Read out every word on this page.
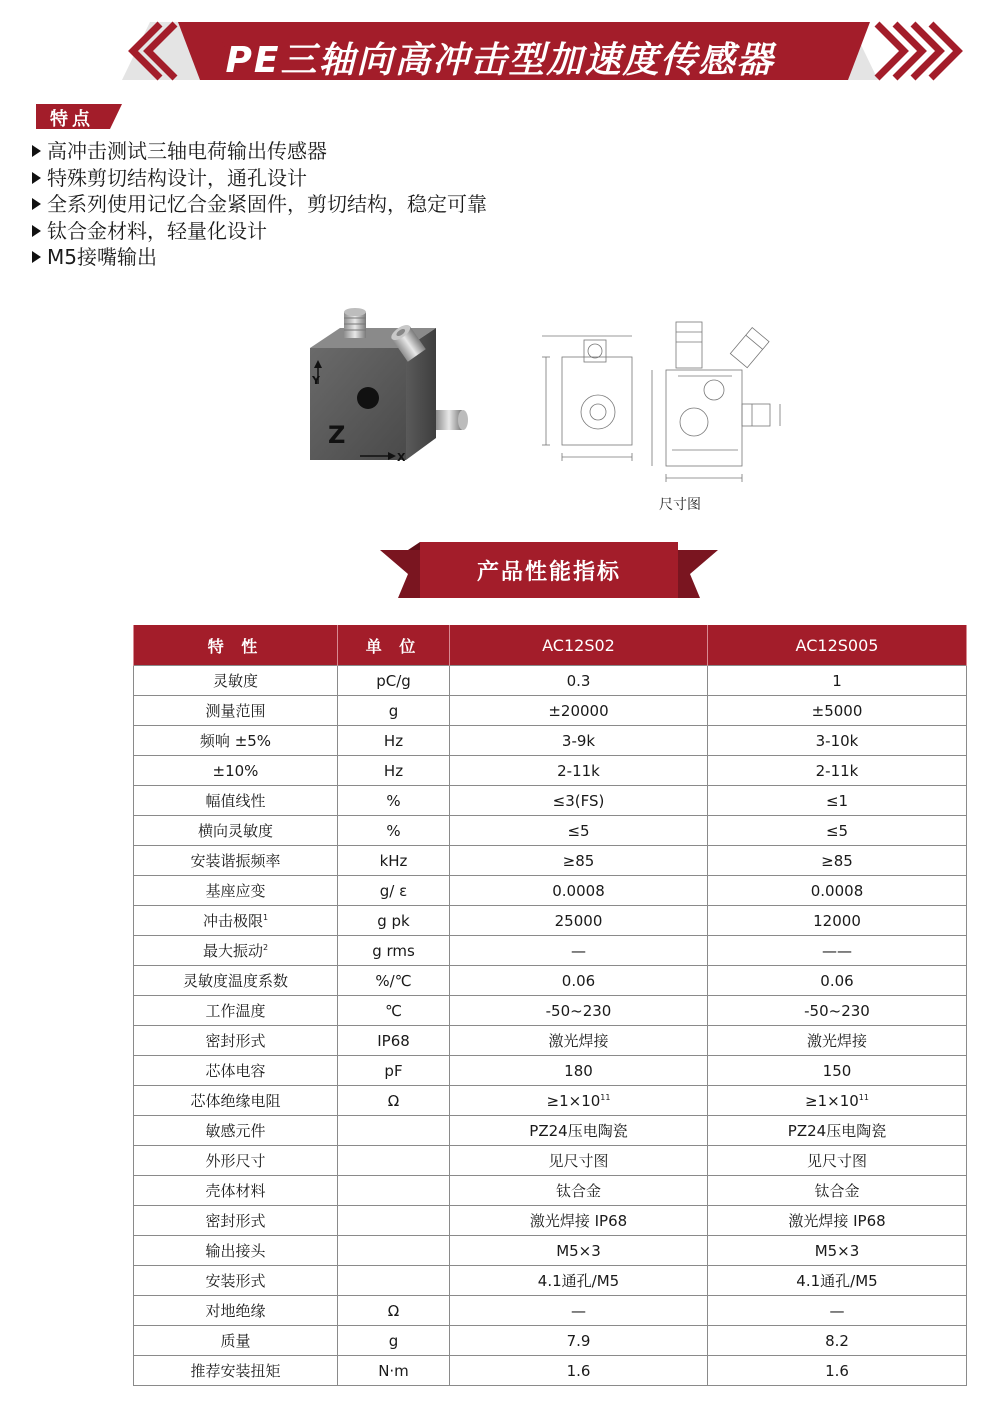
PE三轴向高冲击型加速度传感器
特点
高冲击测试三轴电荷输出传感器
特殊剪切结构设计，通孔设计
全系列使用记忆合金紧固件，剪切结构，稳定可靠
钛合金材料，轻量化设计
M5接嘴输出
Y
Z
X
尺寸图
产品性能指标
特 性	单 位	AC12S02	AC12S005
灵敏度	pC/g	0.3	1
测量范围	g	±20000	±5000
频响 ±5%	Hz	3-9k	3-10k
±10%	Hz	2-11k	2-11k
幅值线性	%	≤3(FS)	≤1
横向灵敏度	%	≤5	≤5
安装谐振频率	kHz	≥85	≥85
基座应变	g/ ε	0.0008	0.0008
冲击极限$^1$	g pk	25000	12000
最大振动$^2$	g rms	—	——
灵敏度温度系数	%/℃	0.06	0.06
工作温度	℃	-50~230	-50~230
密封形式	IP68	激光焊接	激光焊接
芯体电容	pF	180	150
芯体绝缘电阻	Ω	$\ge 1\times 10^{11}$	$\ge 1\times 10^{11}$
敏感元件		PZ24压电陶瓷	PZ24压电陶瓷
外形尺寸		见尺寸图	见尺寸图
壳体材料		钛合金	钛合金
密封形式		激光焊接 IP68	激光焊接 IP68
输出接头		M5×3	M5×3
安装形式		4.1通孔/M5	4.1通孔/M5
对地绝缘	Ω	—	—
质量	g	7.9	8.2
推荐安装扭矩	N·m	1.6	1.6
